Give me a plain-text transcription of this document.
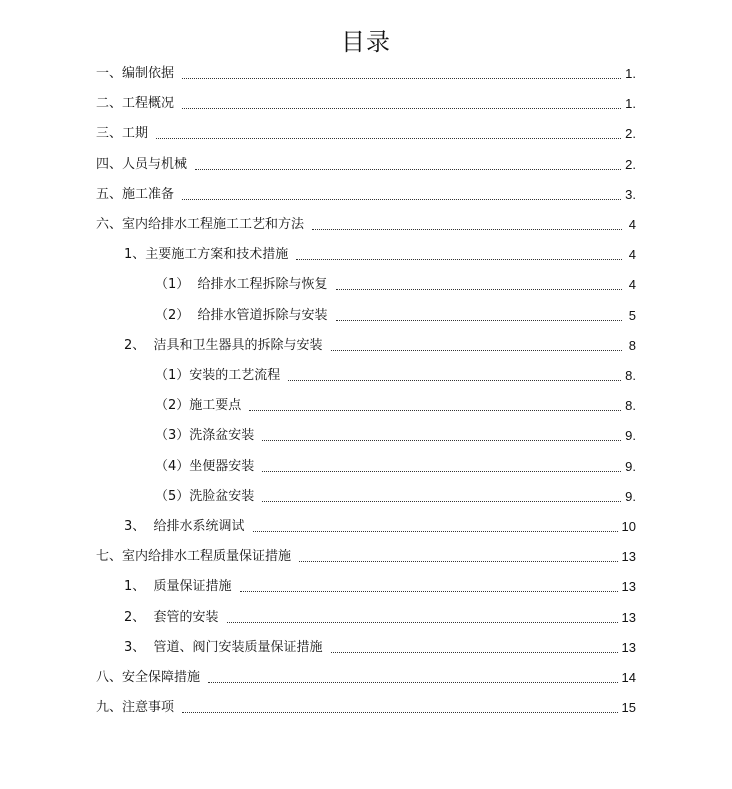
目录
一、编制依据	1.
二、工程概况	1.
三、工期	2.
四、人员与机械	2.
五、施工准备	3.
六、室内给排水工程施工工艺和方法	4
1、主要施工方案和技术措施	4
（1）  给排水工程拆除与恢复	4
（2）  给排水管道拆除与安装	5
2、  洁具和卫生器具的拆除与安装	8
（1）安装的工艺流程	8.
（2）施工要点	8.
（3）洗涤盆安装	9.
（4）坐便器安装	9.
（5）洗脸盆安装	9.
3、  给排水系统调试	10
七、室内给排水工程质量保证措施	13
1、  质量保证措施	13
2、  套管的安装	13
3、  管道、阀门安装质量保证措施	13
八、安全保障措施	14
九、注意事项	15
